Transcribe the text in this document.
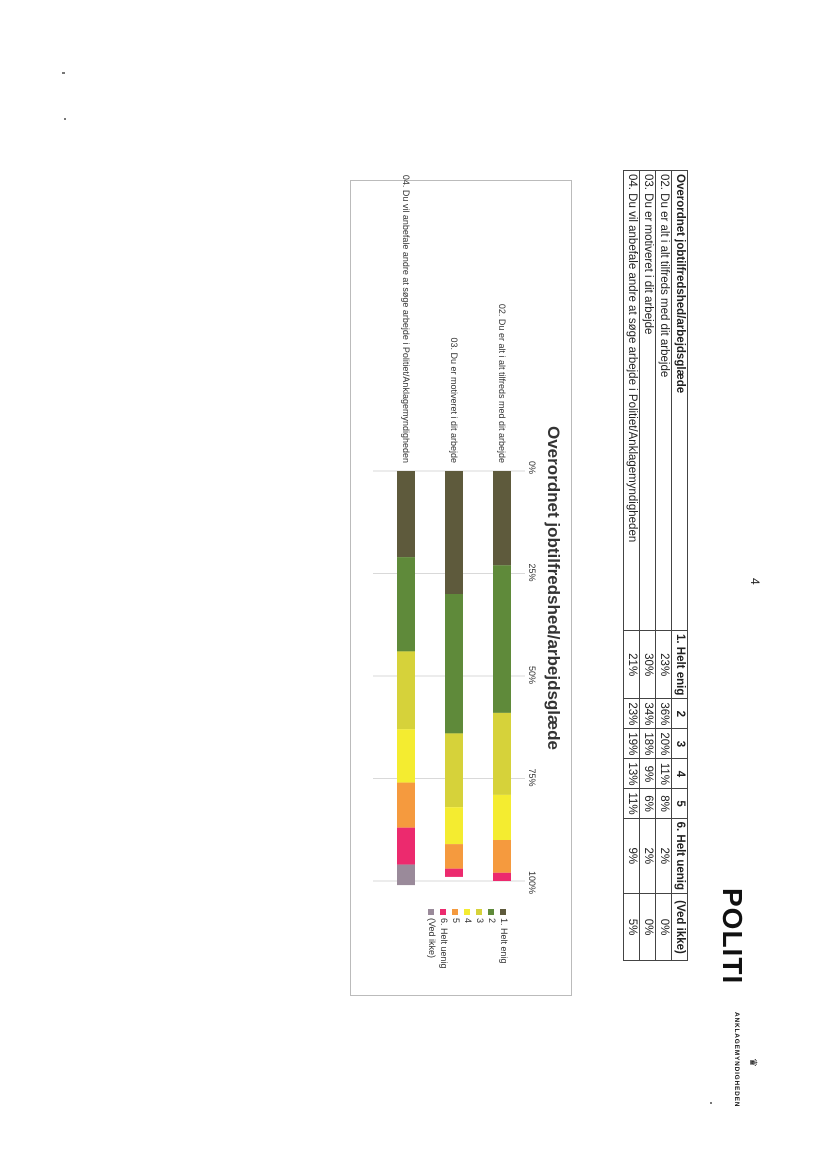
POLITI
♛
ANKLAGEMYNDIGHEDEN
4
Overordnet jobtilfredshed/arbejdsglæde	1. Helt enig	2	3	4	5	6. Helt uenig	(Ved ikke)
02. Du er alt i alt tilfreds med dit arbejde	23%	36%	20%	11%	8%	2%	0%
03. Du er motiveret i dit arbejde	30%	34%	18%	9%	6%	2%	0%
04. Du vil anbefale andre at søge arbejde i Politiet/Anklagemyndigheden	21%	23%	19%	13%	11%	9%	5%
Overordnet jobtilfredshed/arbejdsglæde
0%
25%
50%
75%
100%
02. Du er alt i alt tilfreds med dit arbejde
03. Du er motiveret i dit arbejde
04. Du vil anbefale andre at søge arbejde i Politiet/Anklagemyndigheden
1. Helt enig
2
3
4
5
6. Helt uenig
(Ved ikke)
